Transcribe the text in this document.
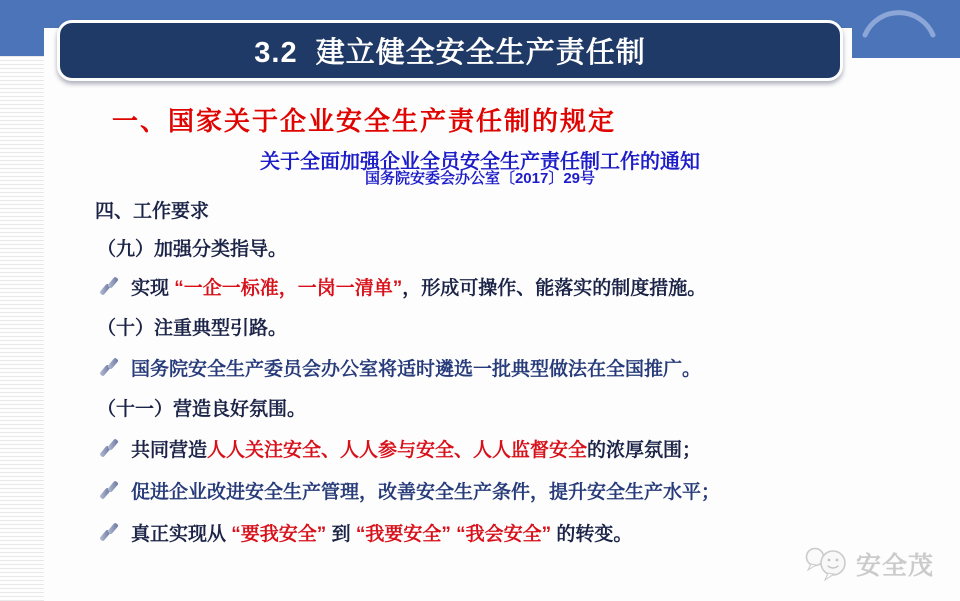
3.2  建立健全安全生产责任制
一、国家关于企业安全生产责任制的规定
关于全面加强企业全员安全生产责任制工作的通知
国务院安委会办公室〔2017〕29号
四、工作要求
（九）加强分类指导。
实现 “一企一标准，一岗一清单”，形成可操作、能落实的制度措施。
（十）注重典型引路。
国务院安全生产委员会办公室将适时遴选一批典型做法在全国推广。
（十一）营造良好氛围。
共同营造人人关注安全、人人参与安全、人人监督安全的浓厚氛围；
促进企业改进安全生产管理，改善安全生产条件，提升安全生产水平；
真正实现从 “要我安全” 到 “我要安全” “我会安全” 的转变。
安全茂
